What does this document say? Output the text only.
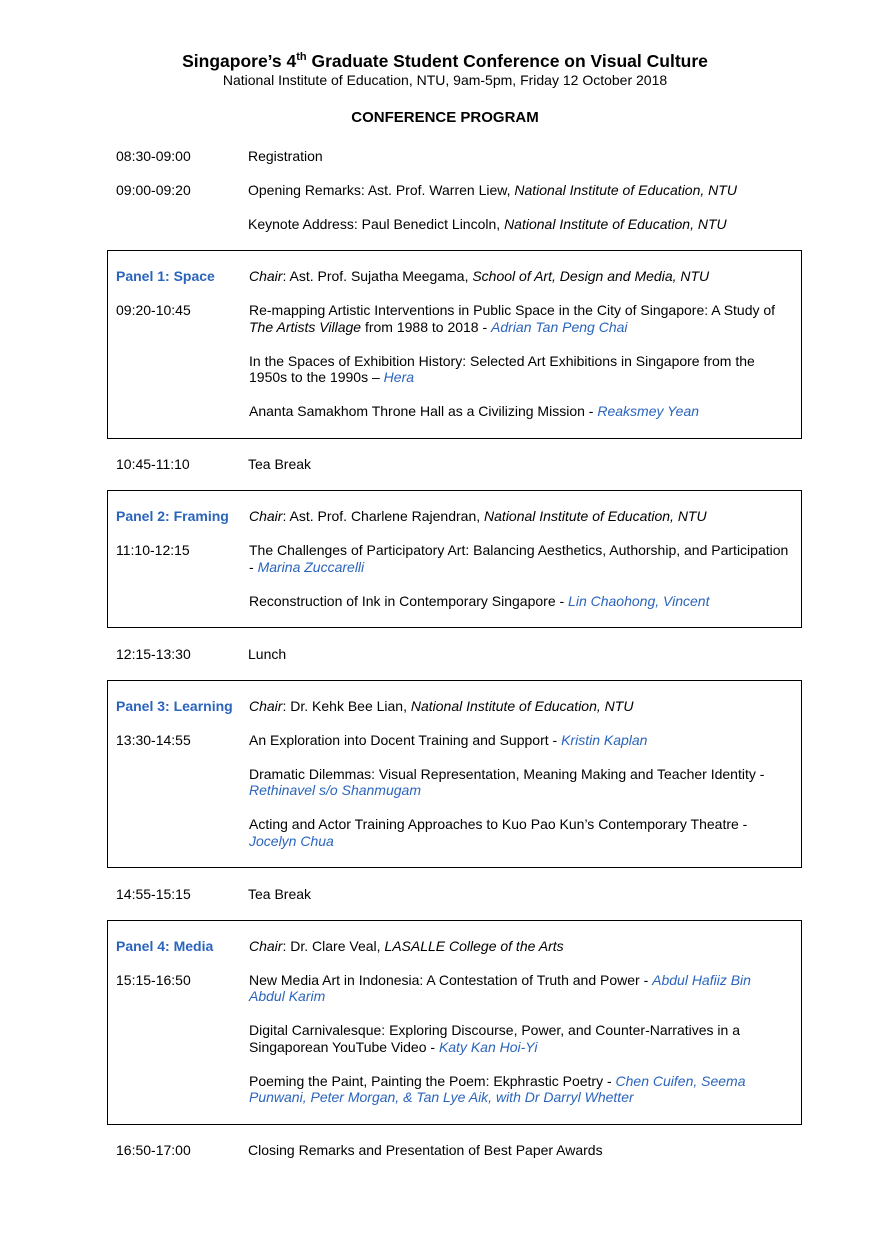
Singapore’s 4th Graduate Student Conference on Visual Culture
National Institute of Education, NTU, 9am-5pm, Friday 12 October 2018
CONFERENCE PROGRAM
08:30-09:00	Registration
09:00-09:20	Opening Remarks: Ast. Prof. Warren Liew, National Institute of Education, NTU
Keynote Address: Paul Benedict Lincoln, National Institute of Education, NTU
Panel 1: Space	Chair: Ast. Prof. Sujatha Meegama, School of Art, Design and Media, NTU
09:20-10:45	Re-mapping Artistic Interventions in Public Space in the City of Singapore: A Study of The Artists Village from 1988 to 2018 - Adrian Tan Peng Chai
In the Spaces of Exhibition History: Selected Art Exhibitions in Singapore from the 1950s to the 1990s – Hera
Ananta Samakhom Throne Hall as a Civilizing Mission - Reaksmey Yean
10:45-11:10	Tea Break
Panel 2: Framing	Chair: Ast. Prof. Charlene Rajendran, National Institute of Education, NTU
11:10-12:15	The Challenges of Participatory Art: Balancing Aesthetics, Authorship, and Participation - Marina Zuccarelli
Reconstruction of Ink in Contemporary Singapore - Lin Chaohong, Vincent
12:15-13:30	Lunch
Panel 3: Learning	Chair: Dr. Kehk Bee Lian, National Institute of Education, NTU
13:30-14:55	An Exploration into Docent Training and Support - Kristin Kaplan
Dramatic Dilemmas: Visual Representation, Meaning Making and Teacher Identity - Rethinavel s/o Shanmugam
Acting and Actor Training Approaches to Kuo Pao Kun’s Contemporary Theatre - Jocelyn Chua
14:55-15:15	Tea Break
Panel 4: Media	Chair: Dr. Clare Veal, LASALLE College of the Arts
15:15-16:50	New Media Art in Indonesia: A Contestation of Truth and Power - Abdul Hafiiz Bin Abdul Karim
Digital Carnivalesque: Exploring Discourse, Power, and Counter-Narratives in a Singaporean YouTube Video - Katy Kan Hoi-Yi
Poeming the Paint, Painting the Poem: Ekphrastic Poetry - Chen Cuifen, Seema Punwani, Peter Morgan, & Tan Lye Aik, with Dr Darryl Whetter
16:50-17:00	Closing Remarks and Presentation of Best Paper Awards
